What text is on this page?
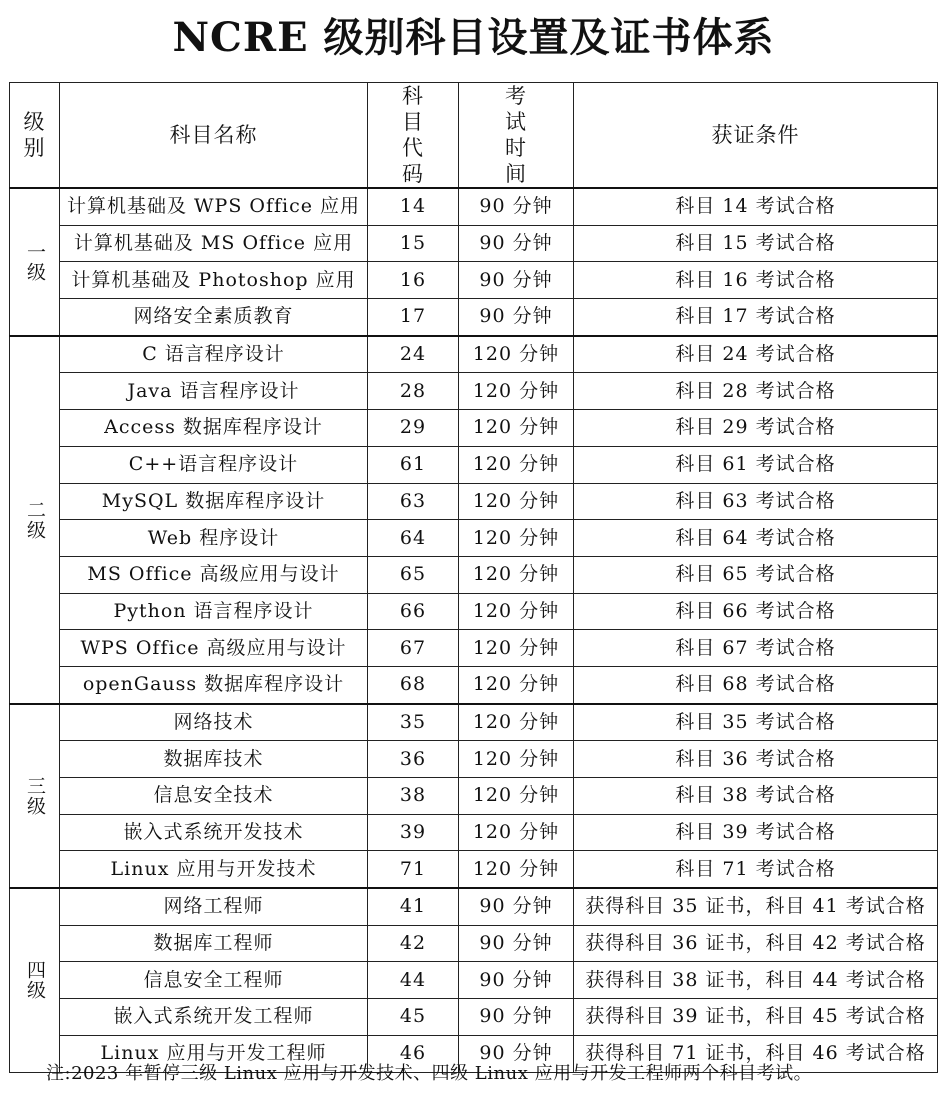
NCRE 级别科目设置及证书体系
级别	科目名称	科目代码	考试时间	获证条件
一级	计算机基础及 WPS Office 应用	14	90 分钟	科目 14 考试合格
	计算机基础及 MS Office 应用	15	90 分钟	科目 15 考试合格
	计算机基础及 Photoshop 应用	16	90 分钟	科目 16 考试合格
	网络安全素质教育	17	90 分钟	科目 17 考试合格
二级	C 语言程序设计	24	120 分钟	科目 24 考试合格
	Java 语言程序设计	28	120 分钟	科目 28 考试合格
	Access 数据库程序设计	29	120 分钟	科目 29 考试合格
	C++语言程序设计	61	120 分钟	科目 61 考试合格
	MySQL 数据库程序设计	63	120 分钟	科目 63 考试合格
	Web 程序设计	64	120 分钟	科目 64 考试合格
	MS Office 高级应用与设计	65	120 分钟	科目 65 考试合格
	Python 语言程序设计	66	120 分钟	科目 66 考试合格
	WPS Office 高级应用与设计	67	120 分钟	科目 67 考试合格
	openGauss 数据库程序设计	68	120 分钟	科目 68 考试合格
三级	网络技术	35	120 分钟	科目 35 考试合格
	数据库技术	36	120 分钟	科目 36 考试合格
	信息安全技术	38	120 分钟	科目 38 考试合格
	嵌入式系统开发技术	39	120 分钟	科目 39 考试合格
	Linux 应用与开发技术	71	120 分钟	科目 71 考试合格
四级	网络工程师	41	90 分钟	获得科目 35 证书，科目 41 考试合格
	数据库工程师	42	90 分钟	获得科目 36 证书，科目 42 考试合格
	信息安全工程师	44	90 分钟	获得科目 38 证书，科目 44 考试合格
	嵌入式系统开发工程师	45	90 分钟	获得科目 39 证书，科目 45 考试合格
	Linux 应用与开发工程师	46	90 分钟	获得科目 71 证书，科目 46 考试合格
注:2023 年暂停三级 Linux 应用与开发技术、四级 Linux 应用与开发工程师两个科目考试。
